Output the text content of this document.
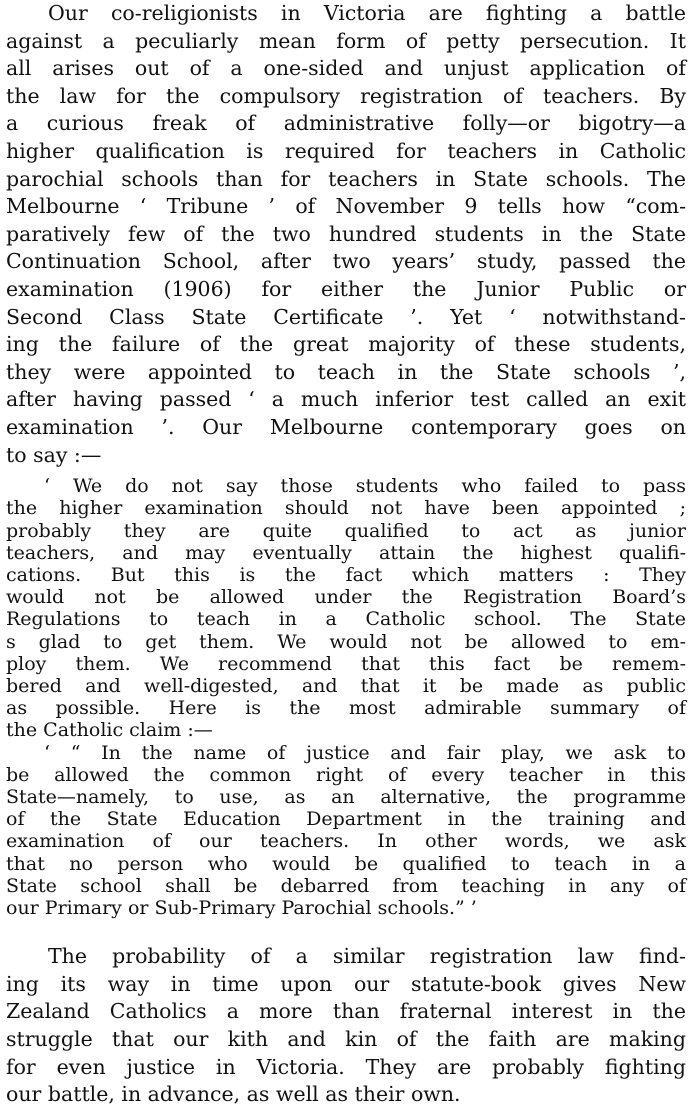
Our co-religionists in Victoria are fighting a battle
against a peculiarly mean form of petty persecution. It
all arises out of a one-sided and unjust application of
the law for the compulsory registration of teachers. By
a curious freak of administrative folly—or bigotry—a
higher qualification is required for teachers in Catholic
parochial schools than for teachers in State schools. The
Melbourne ‘ Tribune ’ of November 9 tells how “com-
paratively few of the two hundred students in the State
Continuation School, after two years’ study, passed the
examination (1906) for either the Junior Public or
Second Class State Certificate ’. Yet ‘ notwithstand-
ing the failure of the great majority of these students,
they were appointed to teach in the State schools ’,
after having passed ‘ a much inferior test called an exit
examination ’. Our Melbourne contemporary goes on
to say :—
‘ We do not say those students who failed to pass
the higher examination should not have been appointed ;
probably they are quite qualified to act as junior
teachers, and may eventually attain the highest qualifi-
cations. But this is the fact which matters : They
would not be allowed under the Registration Board’s
Regulations to teach in a Catholic school. The State
s glad to get them. We would not be allowed to em-
ploy them. We recommend that this fact be remem-
bered and well-digested, and that it be made as public
as possible. Here is the most admirable summary of
the Catholic claim :—
‘ “ In the name of justice and fair play, we ask to
be allowed the common right of every teacher in this
State—namely, to use, as an alternative, the programme
of the State Education Department in the training and
examination of our teachers. In other words, we ask
that no person who would be qualified to teach in a
State school shall be debarred from teaching in any of
our Primary or Sub-Primary Parochial schools.” ’
The probability of a similar registration law find-
ing its way in time upon our statute-book gives New
Zealand Catholics a more than fraternal interest in the
struggle that our kith and kin of the faith are making
for even justice in Victoria. They are probably fighting
our battle, in advance, as well as their own.
